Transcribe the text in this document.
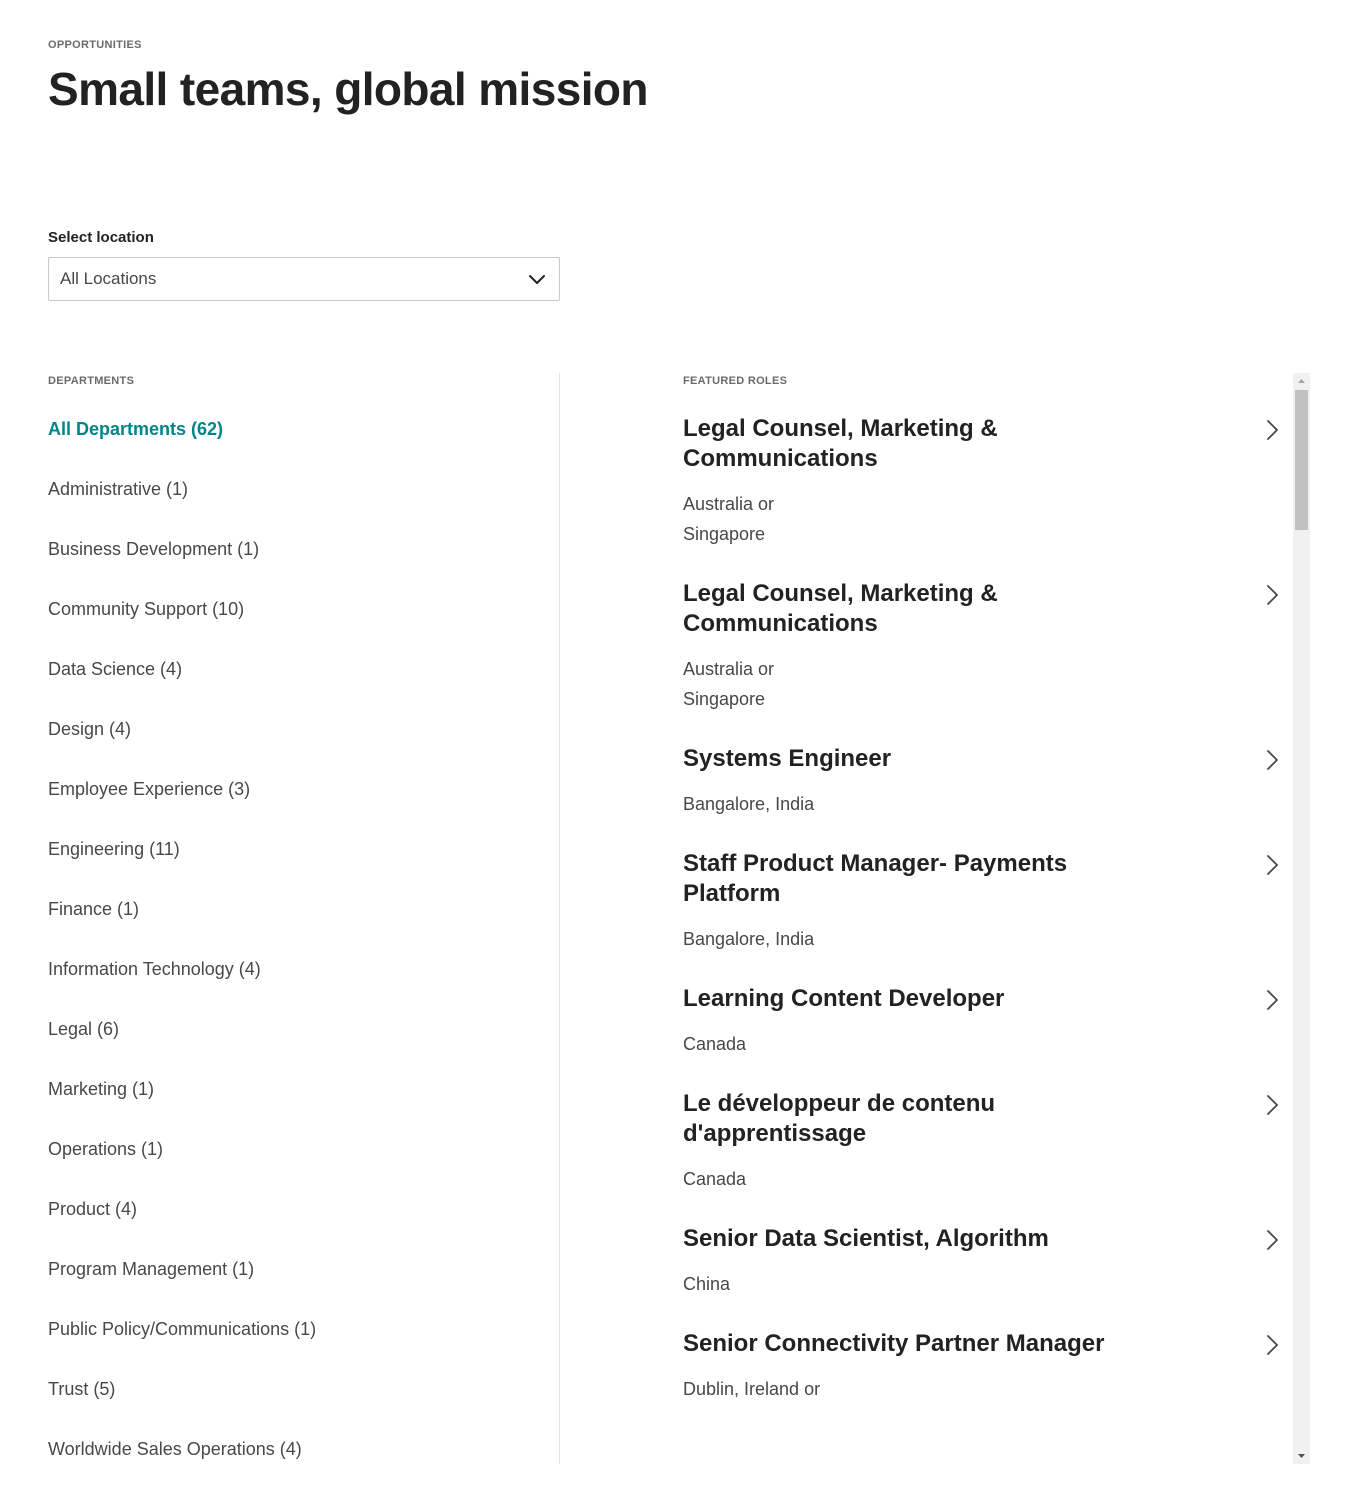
OPPORTUNITIES
Small teams, global mission
Select location
All Locations
DEPARTMENTS
All Departments (62)
Administrative (1)
Business Development (1)
Community Support (10)
Data Science (4)
Design (4)
Employee Experience (3)
Engineering (11)
Finance (1)
Information Technology (4)
Legal (6)
Marketing (1)
Operations (1)
Product (4)
Program Management (1)
Public Policy/Communications (1)
Trust (5)
Worldwide Sales Operations (4)
FEATURED ROLES
Legal Counsel, Marketing & Communications
Australia or Singapore
Legal Counsel, Marketing & Communications
Australia or Singapore
Systems Engineer
Bangalore, India
Staff Product Manager- Payments Platform
Bangalore, India
Learning Content Developer
Canada
Le développeur de contenu d'apprentissage
Canada
Senior Data Scientist, Algorithm
China
Senior Connectivity Partner Manager
Dublin, Ireland or
